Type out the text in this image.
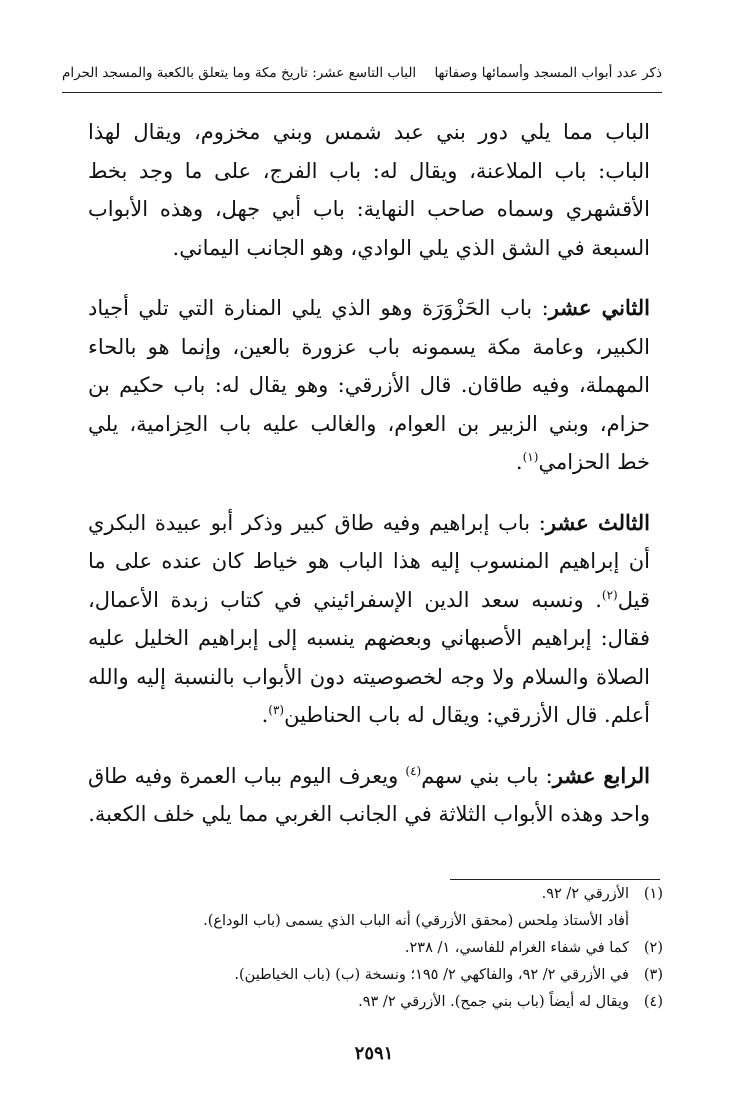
ذكر عدد أبواب المسجد وأسمائها وصفاتها
الباب التاسع عشر: تاريخ مكة وما يتعلق بالكعبة والمسجد الحرام

الباب مما يلي دور بني عبد شمس وبني مخزوم، ويقال لهذا الباب: باب الملاعنة، ويقال له: باب الفرج، على ما وجد بخط الأقشهري وسماه صاحب النهاية: باب أبي جهل، وهذه الأبواب السبعة في الشق الذي يلي الوادي، وهو الجانب اليماني.

الثاني عشر: باب الحَزْوَرَة وهو الذي يلي المنارة التي تلي أجياد الكبير، وعامة مكة يسمونه باب عزورة بالعين، وإنما هو بالحاء المهملة، وفيه طاقان. قال الأزرقي: وهو يقال له: باب حكيم بن حزام، وبني الزبير بن العوام، والغالب عليه باب الحِزامية، يلي خط الحزامي$^{(١)}$.

الثالث عشر: باب إبراهيم وفيه طاق كبير وذكر أبو عبيدة البكري أن إبراهيم المنسوب إليه هذا الباب هو خياط كان عنده على ما قيل$^{(٢)}$. ونسبه سعد الدين الإسفرائيني في كتاب زبدة الأعمال، فقال: إبراهيم الأصبهاني وبعضهم ينسبه إلى إبراهيم الخليل عليه الصلاة والسلام ولا وجه لخصوصيته دون الأبواب بالنسبة إليه والله أعلم. قال الأزرقي: ويقال له باب الحناطين$^{(٣)}$.

الرابع عشر: باب بني سهم$^{(٤)}$ ويعرف اليوم بباب العمرة وفيه طاق واحد وهذه الأبواب الثلاثة في الجانب الغربي مما يلي خلف الكعبة.

(١)الأزرقي ٢/ ٩٢.

أفاد الأستاذ مِلحس (محقق الأزرقي) أنه الباب الذي يسمى (باب الوداع).

(٢)كما في شفاء الغرام للفاسي، ١/ ٢٣٨.

(٣)في الأزرقي ٢/ ٩٢، والفاكهي ٢/ ١٩٥؛ ونسخة (ب) (باب الخياطين).

(٤)ويقال له أيضاً (باب بني جمح). الأزرقي ٢/ ٩٣.

٢٥٩١
